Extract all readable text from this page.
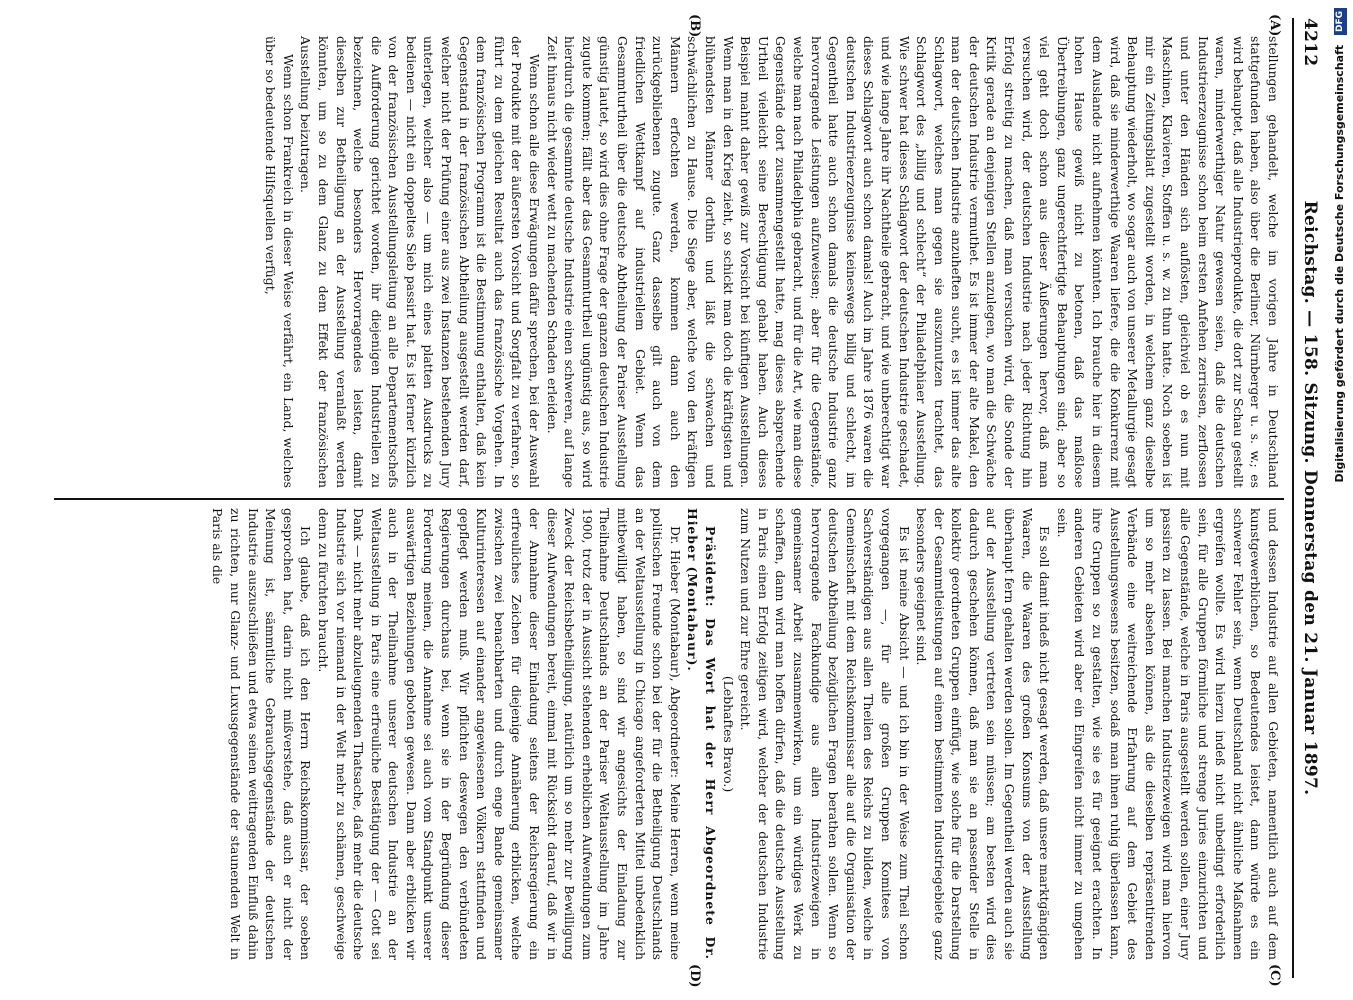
4212
Reichstag. — 158. Sitzung. Donnerstag den 21. Januar 1897.
(A)
(B)
(C)
(D)

stellungen gehandelt, welche im vorigen Jahre in Deutschland stattgefunden haben, also über die Berliner, Nürnberger u. s. w.; es wird behauptet, daß alle Industrieprodukte, die dort zur Schau gestellt waren, minderwerthiger Natur gewesen seien, daß die deutschen Industrieerzeugnisse schon beim ersten Anfehen zerrissen, zerflossen und unter den Händen sich auflösten, gleichviel ob es nun mit Maschinen, Klavieren, Stoffen u. s. w. zu thun hatte. Noch soeben ist mir ein Zeitungsblatt zugestellt worden, in welchem ganz dieselbe Behauptung wiederholt, wo sogar auch von unserer Metallurgie gesagt wird, daß sie minderwerthige Waaren liefere, die die Konkurrenz mit dem Auslande nicht aufnehmen könnten. Ich brauche hier in diesem hohen Hause gewiß nicht zu betonen, daß das maßlose Übertreibungen, ganz ungerechtfertigte Behauptungen sind; aber so viel geht doch schon aus dieser Äußerungen hervor, daß man versuchen wird, der deutschen Industrie nach jeder Richtung hin Erfolg streitig zu machen, daß man versuchen wird, die Sonde der Kritik gerade an denjenigen Stellen anzulegen, wo man die Schwäche der deutschen Industrie vermuthet. Es ist immer der alte Makel, den man der deutschen Industrie anzuheften sucht, es ist immer das alte Schlagwort, welches man gegen sie auszunutzen trachtet, das Schlagwort des „billig und schlecht“ der Philadelphiaer Ausstellung. Wie schwer hat dieses Schlagwort der deutschen Industrie geschadet, und wie lange Jahre ihr Nachtheile gebracht, und wie unberechtigt war dieses Schlagwort auch schon damals! Auch im Jahre 1876 waren die deutschen Industrieerzeugnisse keineswegs billig und schlecht, im Gegentheil hatte auch schon damals die deutsche Industrie ganz hervorragende Leistungen aufzuweisen; aber für die Gegenstände, welche man nach Philadelphia gebracht, und für die Art, wie man diese Gegenstände dort zusammengestellt hatte, mag dieses absprechende Urtheil vielleicht seine Berechtigung gehabt haben. Auch dieses Beispiel mahnt daher gewiß zur Vorsicht bei künftigen Ausstellungen. Wenn man in den Krieg zieht, so schickt man doch die kräftigsten und blühendsten Männer dorthin und läßt die schwachen und schwächlichen zu Hause. Die Siege aber, welche von den kräftigen Männern erfochten werden, kommen dann auch den zurückgebliebenen zugute. Ganz dasselbe gilt auch von dem friedlichen Wettkampf auf industriellem Gebiet. Wenn das Gesammturtheil über die deutsche Abtheilung der Pariser Ausstellung günstig lautet, so wird dies ohne Frage der ganzen deutschen Industrie zugute kommen; fällt aber das Gesammturtheil ungünstig aus, so wird hierdurch die gesammte deutsche Industrie einen schweren, auf lange Zeit hinaus nicht wieder wett zu machenden Schaden erleiden.

Wenn schon alle diese Erwägungen dafür sprechen, bei der Auswahl der Produkte mit der äußersten Vorsicht und Sorgfalt zu verfahren, so führt zu dem gleichen Resultat auch das französische Vorgehen. In dem französischen Programm ist die Bestimmung enthalten, daß kein Gegenstand in der französischen Abtheilung ausgestellt werden darf, welcher nicht der Prüfung einer aus zwei Instanzen bestehenden Jury unterlegen, welcher also — um mich eines platten Ausdrucks zu bedienen — nicht ein doppeltes Sieb passirt hat. Es ist ferner kürzlich von der französischen Ausstellungsleitung an alle Departementschefs die Aufforderung gerichtet worden, ihr diejenigen Industriellen zu bezeichnen, welche besonders Hervorragendes leisten, damit dieselben zur Betheiligung an der Ausstellung veranlaßt werden könnten, um so zu dem Glanz zu dem Effekt der französischen Ausstellung beizutragen.

Wenn schon Frankreich in dieser Weise verfährt, ein Land, welches über so bedeutende Hilfsquellen verfügt,

und dessen Industrie auf allen Gebieten, namentlich auch auf dem kunstgewerblichen, so Bedeutendes leistet, dann würde es ein schwerer Fehler sein, wenn Deutschland nicht ähnliche Maßnahmen ergreifen wollte. Es wird hierzu indeß nicht unbedingt erforderlich sein, für alle Gruppen förmliche und strenge Juries einzurichten und alle Gegenstände, welche in Paris ausgestellt werden sollen, einer Jury passiren zu lassen. Bei manchen Industriezweigen wird man hiervon um so mehr absehen können, als die dieselben repräsentirenden Verbände eine weitreichende Erfahrung auf dem Gebiet des Ausstellungswesens besitzen, sodaß man ihnen ruhig überlassen kann, ihre Gruppen so zu gestalten, wie sie es für geeignet erachten. In anderen Gebieten wird aber ein Eingreifen nicht immer zu umgehen sein.

Es soll damit indeß nicht gesagt werden, daß unsere marktgängigen Waaren, die Waaren des großen Konsums von der Ausstellung überhaupt fern gehalten werden sollen. Im Gegentheil werden auch sie auf der Ausstellung vertreten sein müssen; am besten wird dies dadurch geschehen können, daß man sie an passender Stelle in kollektiv geordneten Gruppen einfügt, wie solche für die Darstellung der Gesammtleistungen auf einem bestimmten Industriegebiete ganz besonders geeignet sind.

Es ist meine Absicht — und ich bin in der Weise zum Theil schon vorgegangen —, für alle großen Gruppen Komitees von Sachverständigen aus allen Theilen des Reichs zu bilden, welche in Gemeinschaft mit dem Reichskommissar alle auf die Organisation der deutschen Abtheilung bezüglichen Fragen berathen sollen. Wenn so hervorragende Fachkundige aus allen Industriezweigen in gemeinsamer Arbeit zusammenwirken, um ein würdiges Werk zu schaffen, dann wird man hoffen dürfen, daß die deutsche Ausstellung in Paris einen Erfolg zeitigen wird, welcher der deutschen Industrie zum Nutzen und zur Ehre gereicht.

(Lebhaftes Bravo.)

Präsident: Das Wort hat der Herr Abgeordnete Dr. Hieber (Montabaur).

Dr. Hieber (Montabaur), Abgeordneter: Meine Herren, wenn meine politischen Freunde schon bei der für die Betheiligung Deutschlands an der Weltausstellung in Chicago angeforderten Mittel unbedenklich mitbewilligt haben, so sind wir angesichts der Einladung zur Theilnahme Deutschlands an der Pariser Weltausstellung im Jahre 1900, trotz der in Aussicht stehenden erheblichen Aufwendungen zum Zweck der Reichsbetheiligung, natürlich um so mehr zur Bewilligung dieser Aufwendungen bereit, einmal mit Rücksicht darauf, daß wir in der Annahme dieser Einladung seitens der Reichsregierung ein erfreuliches Zeichen für diejenige Annäherung erblicken, welche zwischen zwei benachbarten und durch enge Bande gemeinsamer Kulturinteressen auf einander angewiesenen Völkern stattfinden und gepflegt werden muß. Wir pflichten deswegen den verbündeten Regierungen durchaus bei, wenn sie in der Begründung dieser Forderung meinen, die Annahme sei auch vom Standpunkt unserer auswärtigen Beziehungen geboten gewesen. Dann aber erblicken wir auch in der Theilnahme unserer deutschen Industrie an der Weltausstellung in Paris eine erfreuliche Bestätigung der — Gott sei Dank — nicht mehr abzuleugnenden Thatsache, daß mehr die deutsche Industrie sich vor niemand in der Welt mehr zu schämen, geschweige denn zu fürchten braucht.

Ich glaube, daß ich den Herrn Reichskommissar, der soeben gesprochen hat, darin nicht mißverstehe, daß auch er nicht der Meinung ist, sämmtliche Gebrauchsgegenstände der deutschen Industrie auszuschließen und etwa seinen weittragenden Einfluß dahin zu richten, nur Glanz- und Luxusgegenstände der staunenden Welt in Paris als die

Digitalisierung gefördert durch die Deutsche Forschungsgemeinschaft DFG
